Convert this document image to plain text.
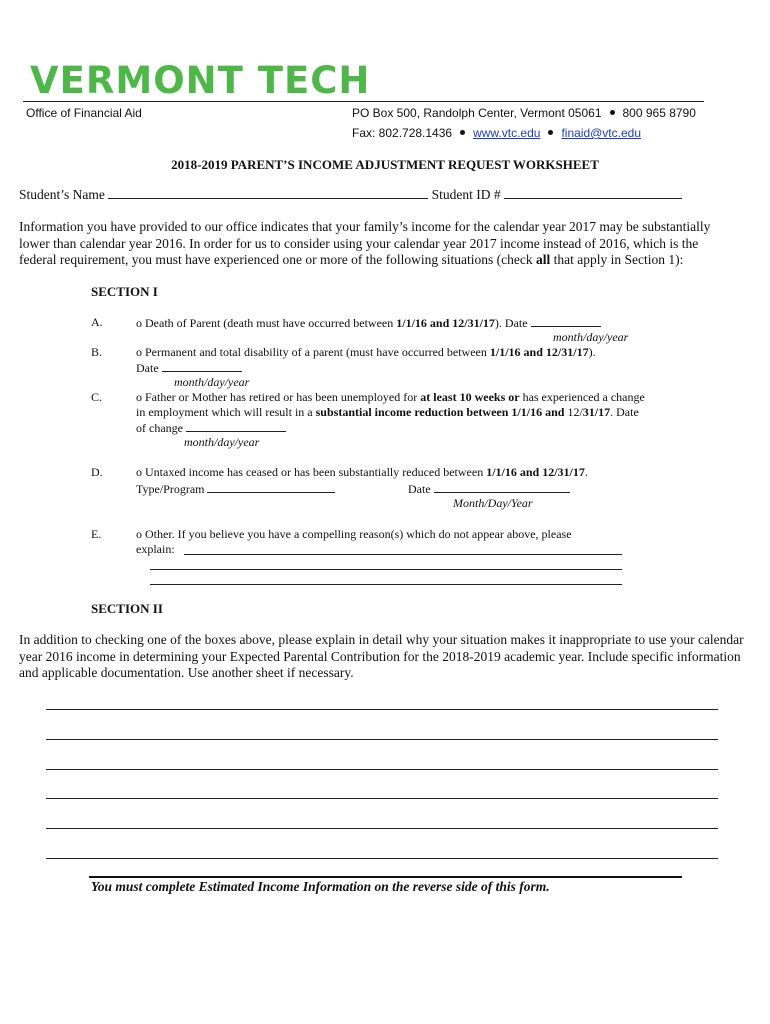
VERMONT TECH
Office of Financial Aid	PO Box 500, Randolph Center, Vermont 05061 800 965 8790
Fax: 802.728.1436 www.vtc.edu finaid@vtc.edu
2018-2019 PARENT’S INCOME ADJUSTMENT REQUEST WORKSHEET
Student’s Name	Student ID #
Information you have provided to our office indicates that your family’s income for the calendar year 2017 may be substantially lower than calendar year 2016. In order for us to consider using your calendar year 2017 income instead of 2016, which is the federal requirement, you must have experienced one or more of the following situations (check all that apply in Section 1):
SECTION I
A.	o Death of Parent (death must have occurred between 1/1/16 and 12/31/17). Date
month/day/year
B.	o Permanent and total disability of a parent (must have occurred between 1/1/16 and 12/31/17).
Date
month/day/year
C.	o Father or Mother has retired or has been unemployed for at least 10 weeks or has experienced a change
in employment which will result in a substantial income reduction between 1/1/16 and 12/31/17. Date
of change
month/day/year
D.	o Untaxed income has ceased or has been substantially reduced between 1/1/16 and 12/31/17.
Type/Program	Date
Month/Day/Year
E.	o Other. If you believe you have a compelling reason(s) which do not appear above, please
explain:
SECTION II
In addition to checking one of the boxes above, please explain in detail why your situation makes it inappropriate to use your calendar year 2016 income in determining your Expected Parental Contribution for the 2018-2019 academic year. Include specific information and applicable documentation. Use another sheet if necessary.
You must complete Estimated Income Information on the reverse side of this form.
